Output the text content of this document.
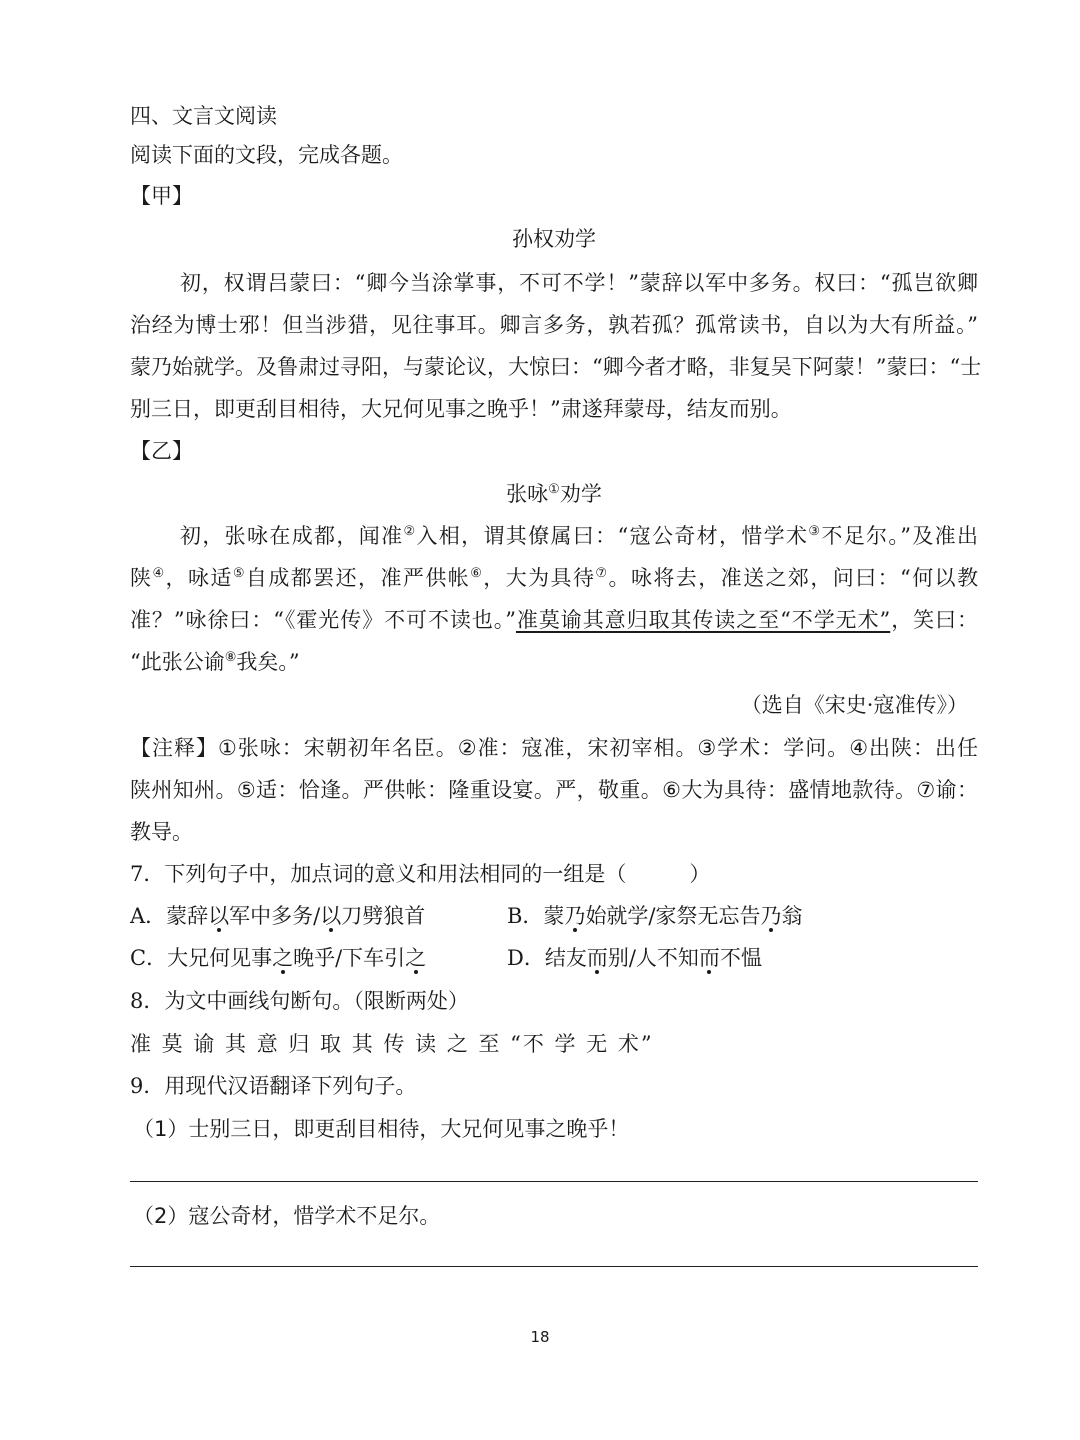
四、文言文阅读
阅读下面的文段，完成各题。
【甲】
孙权劝学
初，权谓吕蒙曰：“卿今当涂掌事，不可不学！”蒙辞以军中多务。权曰：“孤岂欲卿
治经为博士邪！但当涉猎，见往事耳。卿言多务，孰若孤？孤常读书，自以为大有所益。”
蒙乃始就学。及鲁肃过寻阳，与蒙论议，大惊曰：“卿今者才略，非复吴下阿蒙！”蒙曰：“士
别三日，即更刮目相待，大兄何见事之晚乎！”肃遂拜蒙母，结友而别。
【乙】
张咏①劝学
初，张咏在成都，闻准②入相，谓其僚属曰：“寇公奇材，惜学术③不足尔。”及准出
陕④，咏适⑤自成都罢还，准严供帐⑥，大为具待⑦。咏将去，准送之郊，问曰：“何以教
准？”咏徐曰：“《霍光传》不可不读也。”准莫谕其意归取其传读之至“不学无术”，笑曰：
“此张公谕⑧我矣。”
（选自《宋史·寇准传》）
【注释】①张咏：宋朝初年名臣。②准：寇准，宋初宰相。③学术：学问。④出陕：出任
陕州知州。⑤适：恰逢。严供帐：隆重设宴。严，敬重。⑥大为具待：盛情地款待。⑦谕：
教导。
7．下列句子中，加点词的意义和用法相同的一组是（　　　）
A．蒙辞以军中多务/以刀劈狼首	B．蒙乃始就学/家祭无忘告乃翁
C．大兄何见事之晚乎/下车引之	D．结友而别/人不知而不愠
8．为文中画线句断句。（限断两处）
准 莫 谕 其 意 归 取 其 传 读 之 至 “不 学 无 术”
9．用现代汉语翻译下列句子。
（1）士别三日，即更刮目相待，大兄何见事之晚乎！
（2）寇公奇材，惜学术不足尔。
18
